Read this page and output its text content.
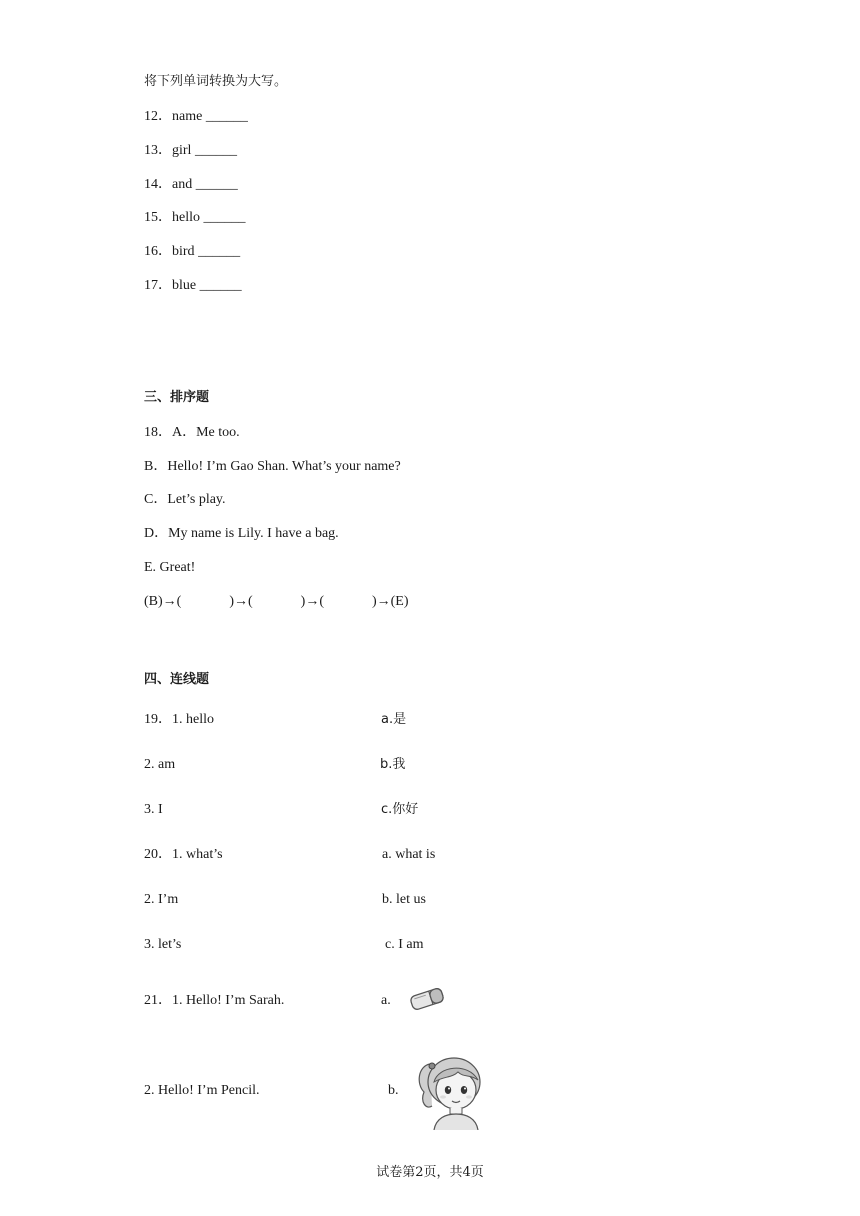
将下列单词转换为大写。
12．name ______
13．girl ______
14．and ______
15．hello ______
16．bird ______
17．blue ______
三、排序题
18．A．Me too.
B．Hello! I’m Gao Shan. What’s your name?
C．Let’s play.
D．My name is Lily. I have a bag.
E. Great!
(B)→(	)→(	)→(	)→(E)
四、连线题
19．1. hello	a.是
2. am	b.我
3. I	c.你好
20．1. what’s	a. what is
2. I’m	b. let us
3. let’s	c. I am
21．1. Hello! I’m Sarah.	a.
2. Hello! I’m Pencil.	b.
试卷第2页，共4页
